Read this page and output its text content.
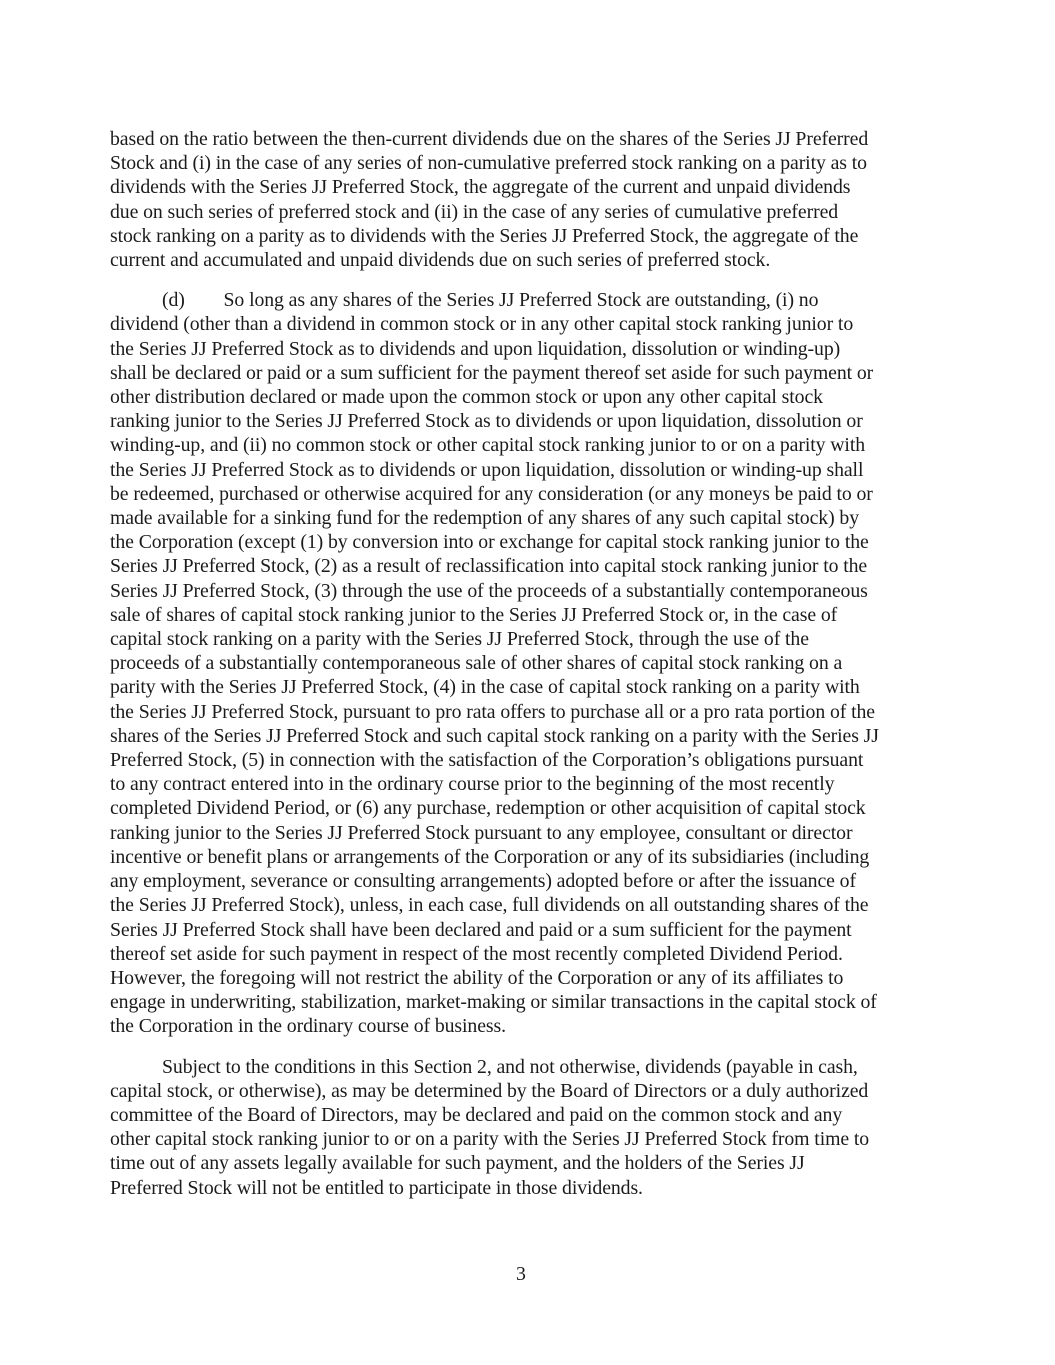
based on the ratio between the then-current dividends due on the shares of the Series JJ Preferred
Stock and (i) in the case of any series of non-cumulative preferred stock ranking on a parity as to
dividends with the Series JJ Preferred Stock, the aggregate of the current and unpaid dividends
due on such series of preferred stock and (ii) in the case of any series of cumulative preferred
stock ranking on a parity as to dividends with the Series JJ Preferred Stock, the aggregate of the
current and accumulated and unpaid dividends due on such series of preferred stock.
(d)        So long as any shares of the Series JJ Preferred Stock are outstanding, (i) no
dividend (other than a dividend in common stock or in any other capital stock ranking junior to
the Series JJ Preferred Stock as to dividends and upon liquidation, dissolution or winding-up)
shall be declared or paid or a sum sufficient for the payment thereof set aside for such payment or
other distribution declared or made upon the common stock or upon any other capital stock
ranking junior to the Series JJ Preferred Stock as to dividends or upon liquidation, dissolution or
winding-up, and (ii) no common stock or other capital stock ranking junior to or on a parity with
the Series JJ Preferred Stock as to dividends or upon liquidation, dissolution or winding-up shall
be redeemed, purchased or otherwise acquired for any consideration (or any moneys be paid to or
made available for a sinking fund for the redemption of any shares of any such capital stock) by
the Corporation (except (1) by conversion into or exchange for capital stock ranking junior to the
Series JJ Preferred Stock, (2) as a result of reclassification into capital stock ranking junior to the
Series JJ Preferred Stock, (3) through the use of the proceeds of a substantially contemporaneous
sale of shares of capital stock ranking junior to the Series JJ Preferred Stock or, in the case of
capital stock ranking on a parity with the Series JJ Preferred Stock, through the use of the
proceeds of a substantially contemporaneous sale of other shares of capital stock ranking on a
parity with the Series JJ Preferred Stock, (4) in the case of capital stock ranking on a parity with
the Series JJ Preferred Stock, pursuant to pro rata offers to purchase all or a pro rata portion of the
shares of the Series JJ Preferred Stock and such capital stock ranking on a parity with the Series JJ
Preferred Stock, (5) in connection with the satisfaction of the Corporation’s obligations pursuant
to any contract entered into in the ordinary course prior to the beginning of the most recently
completed Dividend Period, or (6) any purchase, redemption or other acquisition of capital stock
ranking junior to the Series JJ Preferred Stock pursuant to any employee, consultant or director
incentive or benefit plans or arrangements of the Corporation or any of its subsidiaries (including
any employment, severance or consulting arrangements) adopted before or after the issuance of
the Series JJ Preferred Stock), unless, in each case, full dividends on all outstanding shares of the
Series JJ Preferred Stock shall have been declared and paid or a sum sufficient for the payment
thereof set aside for such payment in respect of the most recently completed Dividend Period.
However, the foregoing will not restrict the ability of the Corporation or any of its affiliates to
engage in underwriting, stabilization, market-making or similar transactions in the capital stock of
the Corporation in the ordinary course of business.
Subject to the conditions in this Section 2, and not otherwise, dividends (payable in cash,
capital stock, or otherwise), as may be determined by the Board of Directors or a duly authorized
committee of the Board of Directors, may be declared and paid on the common stock and any
other capital stock ranking junior to or on a parity with the Series JJ Preferred Stock from time to
time out of any assets legally available for such payment, and the holders of the Series JJ
Preferred Stock will not be entitled to participate in those dividends.
3
